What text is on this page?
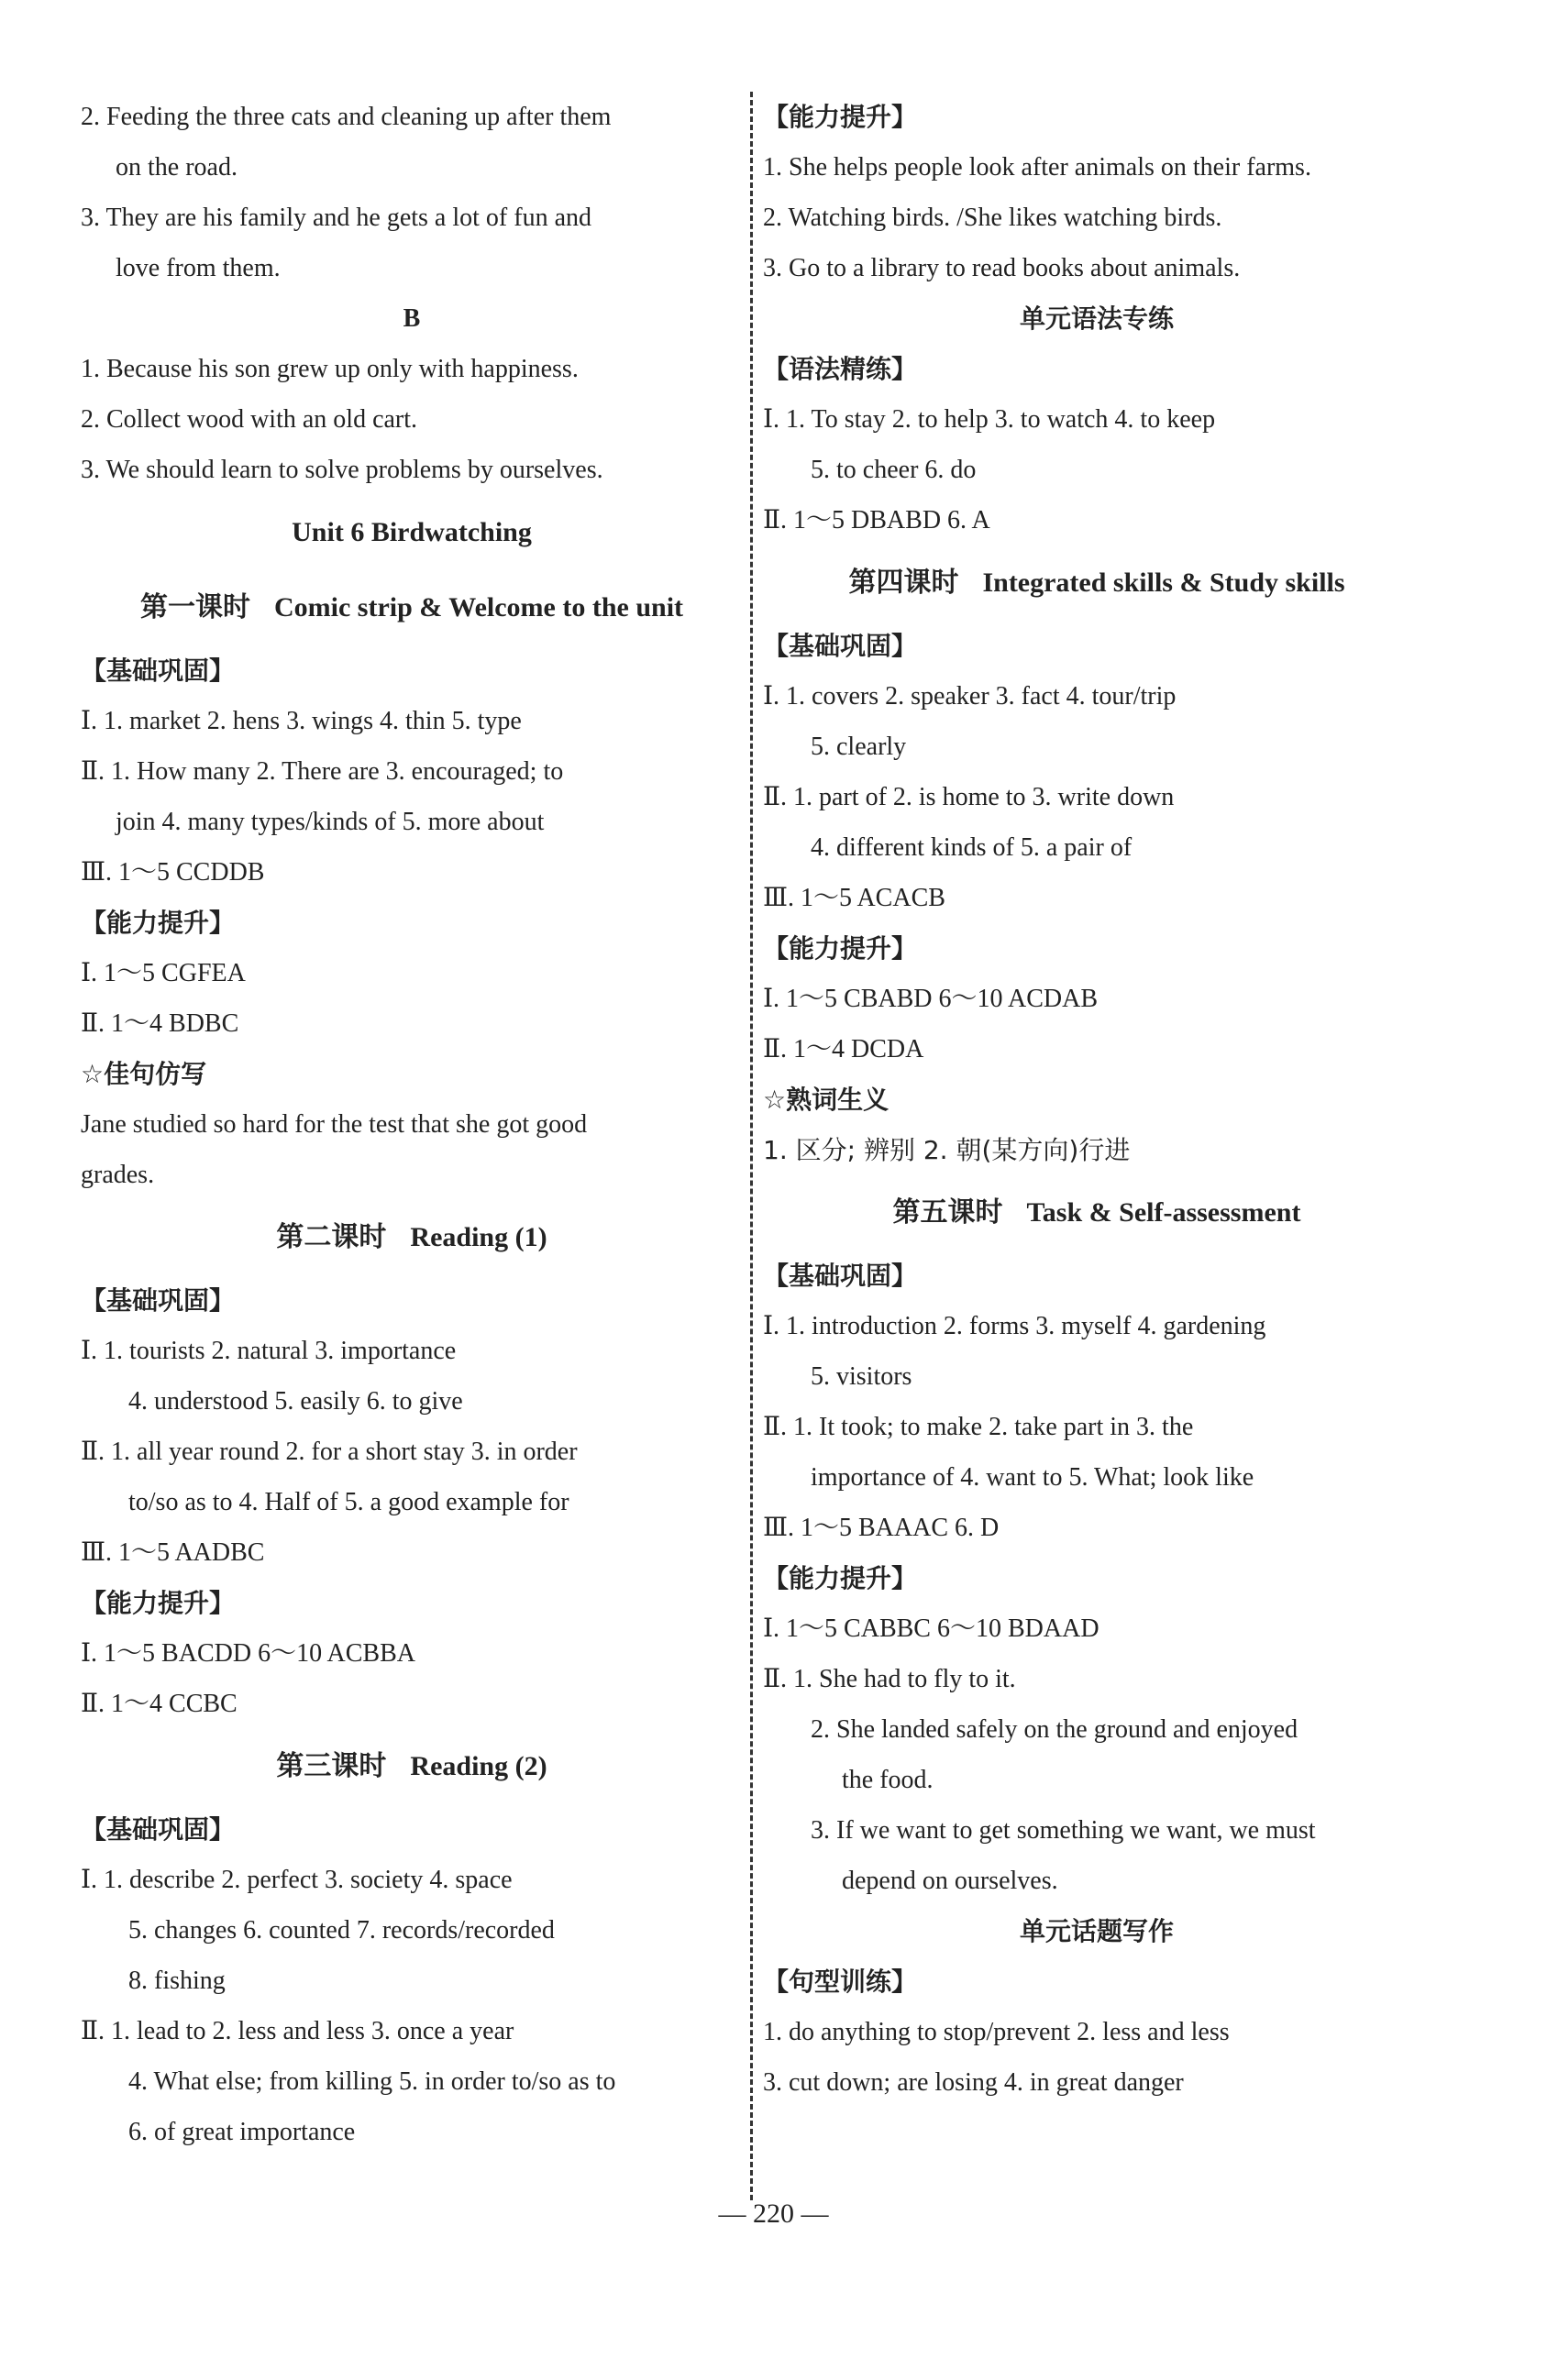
2. Feeding the three cats and cleaning up after them
on the road.
3. They are his family and he gets a lot of fun and
love from them.
B
1. Because his son grew up only with happiness.
2. Collect wood with an old cart.
3. We should learn to solve problems by ourselves.
Unit 6 Birdwatching
第一课时 Comic strip & Welcome to the unit
【基础巩固】
Ⅰ. 1. market 2. hens 3. wings 4. thin 5. type
Ⅱ. 1. How many 2. There are 3. encouraged; to
join 4. many types/kinds of 5. more about
Ⅲ. 1～5 CCDDB
【能力提升】
Ⅰ. 1～5 CGFEA
Ⅱ. 1～4 BDBC
☆佳句仿写
Jane studied so hard for the test that she got good
grades.
第二课时 Reading (1)
【基础巩固】
Ⅰ. 1. tourists 2. natural 3. importance
4. understood 5. easily 6. to give
Ⅱ. 1. all year round 2. for a short stay 3. in order
to/so as to 4. Half of 5. a good example for
Ⅲ. 1～5 AADBC
【能力提升】
Ⅰ. 1～5 BACDD 6～10 ACBBA
Ⅱ. 1～4 CCBC
第三课时 Reading (2)
【基础巩固】
Ⅰ. 1. describe 2. perfect 3. society 4. space
5. changes 6. counted 7. records/recorded
8. fishing
Ⅱ. 1. lead to 2. less and less 3. once a year
4. What else; from killing 5. in order to/so as to
6. of great importance
【能力提升】
1. She helps people look after animals on their farms.
2. Watching birds. /She likes watching birds.
3. Go to a library to read books about animals.
单元语法专练
【语法精练】
Ⅰ. 1. To stay 2. to help 3. to watch 4. to keep
5. to cheer 6. do
Ⅱ. 1～5 DBABD 6. A
第四课时 Integrated skills & Study skills
【基础巩固】
Ⅰ. 1. covers 2. speaker 3. fact 4. tour/trip
5. clearly
Ⅱ. 1. part of 2. is home to 3. write down
4. different kinds of 5. a pair of
Ⅲ. 1～5 ACACB
【能力提升】
Ⅰ. 1～5 CBABD 6～10 ACDAB
Ⅱ. 1～4 DCDA
☆熟词生义
1. 区分; 辨别 2. 朝(某方向)行进
第五课时 Task & Self-assessment
【基础巩固】
Ⅰ. 1. introduction 2. forms 3. myself 4. gardening
5. visitors
Ⅱ. 1. It took; to make 2. take part in 3. the
importance of 4. want to 5. What; look like
Ⅲ. 1～5 BAAAC 6. D
【能力提升】
Ⅰ. 1～5 CABBC 6～10 BDAAD
Ⅱ. 1. She had to fly to it.
2. She landed safely on the ground and enjoyed
the food.
3. If we want to get something we want, we must
depend on ourselves.
单元话题写作
【句型训练】
1. do anything to stop/prevent 2. less and less
3. cut down; are losing 4. in great danger
— 220 —
